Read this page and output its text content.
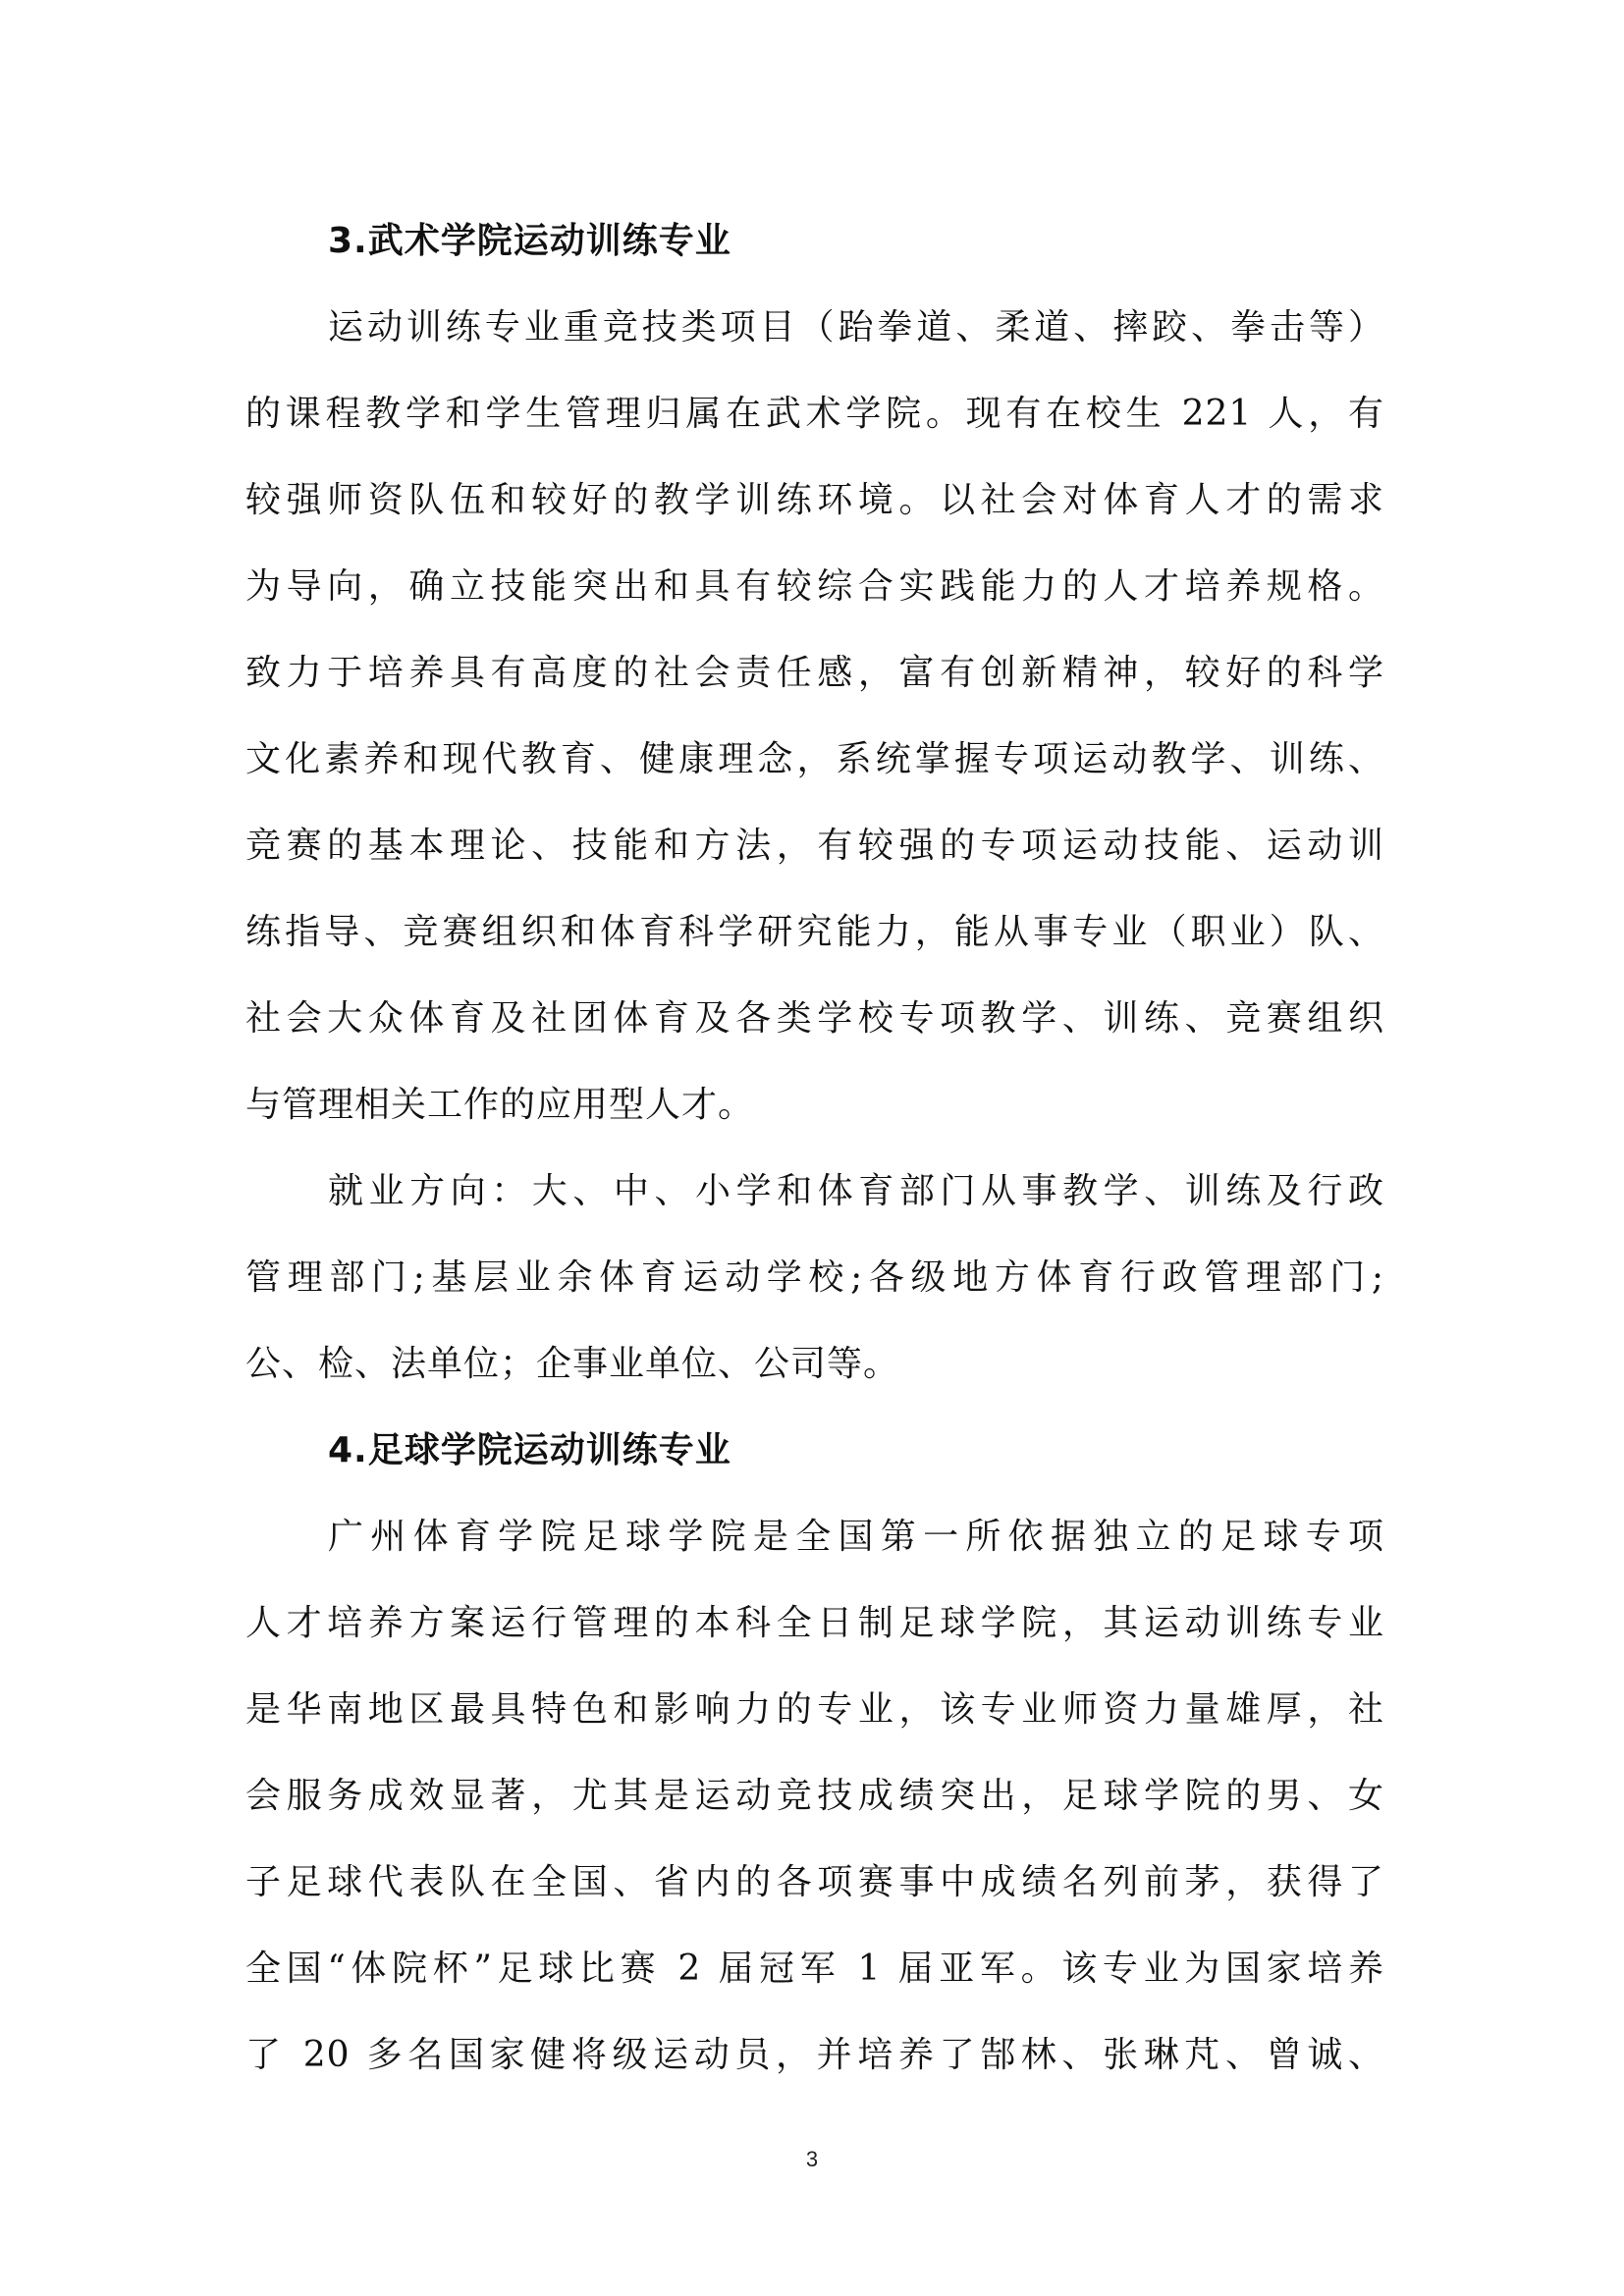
3.武术学院运动训练专业
运动训练专业重竞技类项目（跆拳道、柔道、摔跤、拳击等）
的课程教学和学生管理归属在武术学院。现有在校生 221 人，有
较强师资队伍和较好的教学训练环境。以社会对体育人才的需求
为导向，确立技能突出和具有较综合实践能力的人才培养规格。
致力于培养具有高度的社会责任感，富有创新精神，较好的科学
文化素养和现代教育、健康理念，系统掌握专项运动教学、训练、
竞赛的基本理论、技能和方法，有较强的专项运动技能、运动训
练指导、竞赛组织和体育科学研究能力，能从事专业（职业）队、
社会大众体育及社团体育及各类学校专项教学、训练、竞赛组织
与管理相关工作的应用型人才。
就业方向：大、中、小学和体育部门从事教学、训练及行政
管理部门;基层业余体育运动学校;各级地方体育行政管理部门;
公、检、法单位；企事业单位、公司等。
4.足球学院运动训练专业
广州体育学院足球学院是全国第一所依据独立的足球专项
人才培养方案运行管理的本科全日制足球学院，其运动训练专业
是华南地区最具特色和影响力的专业，该专业师资力量雄厚，社
会服务成效显著，尤其是运动竞技成绩突出，足球学院的男、女
子足球代表队在全国、省内的各项赛事中成绩名列前茅，获得了
全国“体院杯”足球比赛 2 届冠军 1 届亚军。该专业为国家培养
了 20 多名国家健将级运动员，并培养了郜林、张琳芃、曾诚、
3
